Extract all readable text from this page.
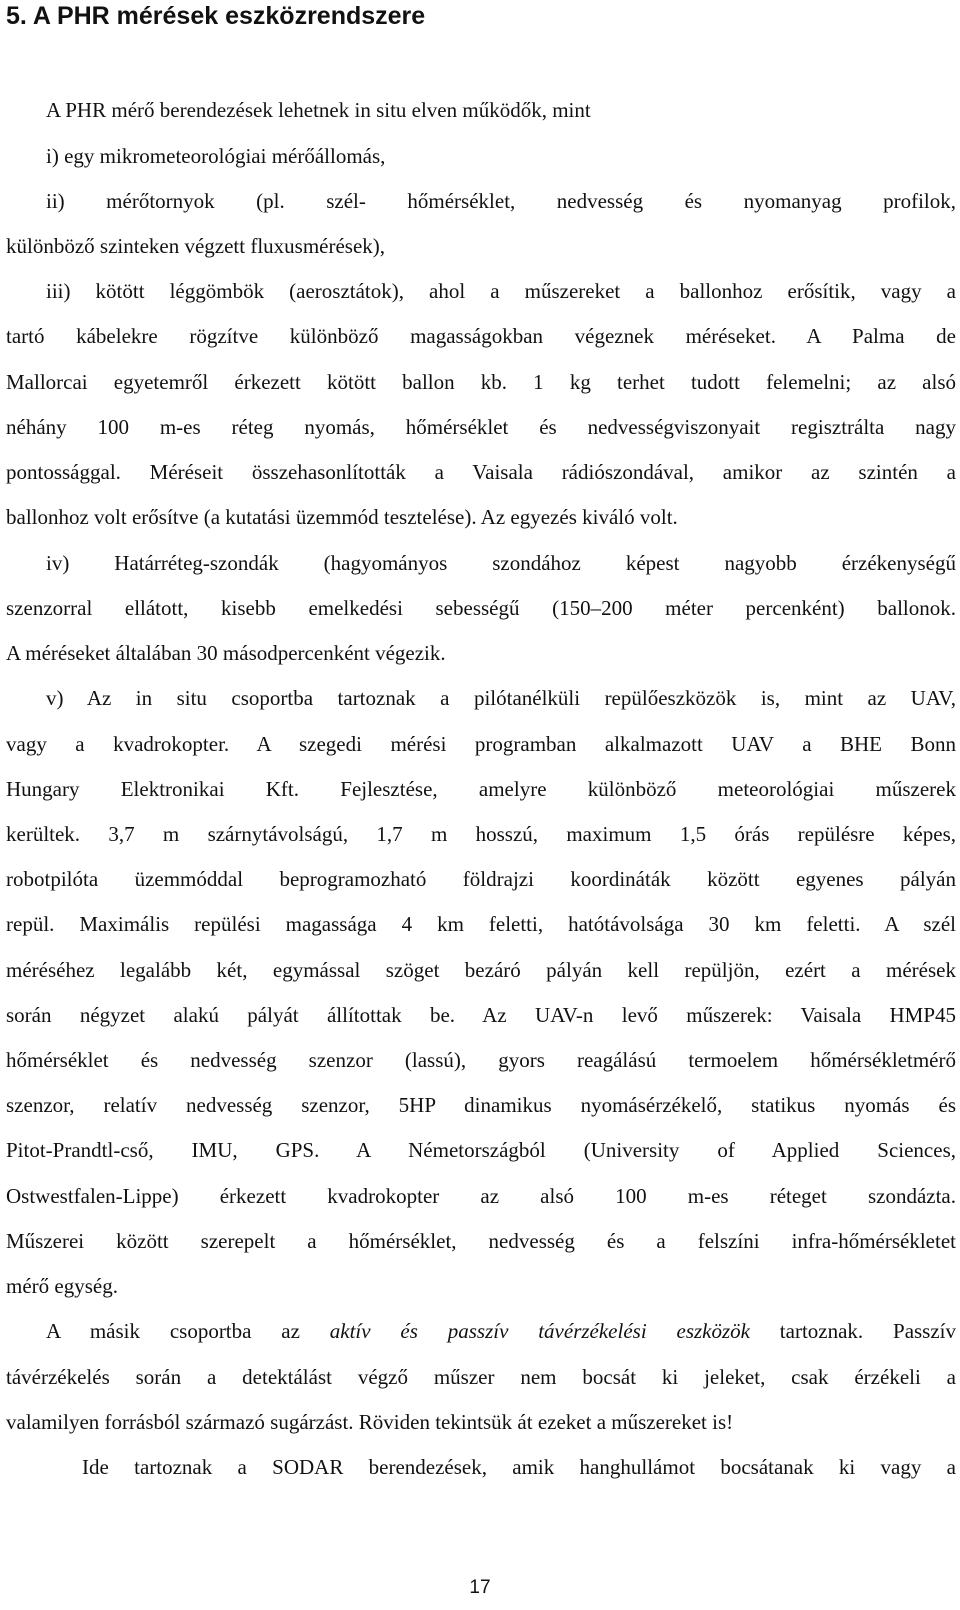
5. A PHR mérések eszközrendszere
A PHR mérő berendezések lehetnek in situ elven működők, mint
i) egy mikrometeorológiai mérőállomás,
ii) mérőtornyok (pl. szél- hőmérséklet, nedvesség és nyomanyag profilok,
különböző szinteken végzett fluxusmérések),
iii) kötött léggömbök (aerosztátok), ahol a műszereket a ballonhoz erősítik, vagy a
tartó kábelekre rögzítve különböző magasságokban végeznek méréseket. A Palma de
Mallorcai egyetemről érkezett kötött ballon kb. 1 kg terhet tudott felemelni; az alsó
néhány 100 m-es réteg nyomás, hőmérséklet és nedvességviszonyait regisztrálta nagy
pontossággal. Méréseit összehasonlították a Vaisala rádiószondával, amikor az szintén a
ballonhoz volt erősítve (a kutatási üzemmód tesztelése). Az egyezés kiváló volt.
iv) Határréteg-szondák (hagyományos szondához képest nagyobb érzékenységű
szenzorral ellátott, kisebb emelkedési sebességű (150–200 méter percenként) ballonok.
A méréseket általában 30 másodpercenként végezik.
v) Az in situ csoportba tartoznak a pilótanélküli repülőeszközök is, mint az UAV,
vagy a kvadrokopter. A szegedi mérési programban alkalmazott UAV a BHE Bonn
Hungary Elektronikai Kft. Fejlesztése, amelyre különböző meteorológiai műszerek
kerültek. 3,7 m szárnytávolságú, 1,7 m hosszú, maximum 1,5 órás repülésre képes,
robotpilóta üzemmóddal beprogramozható földrajzi koordináták között egyenes pályán
repül. Maximális repülési magassága 4 km feletti, hatótávolsága 30 km feletti. A szél
méréséhez legalább két, egymással szöget bezáró pályán kell repüljön, ezért a mérések
során négyzet alakú pályát állítottak be. Az UAV-n levő műszerek: Vaisala HMP45
hőmérséklet és nedvesség szenzor (lassú), gyors reagálású termoelem hőmérsékletmérő
szenzor, relatív nedvesség szenzor, 5HP dinamikus nyomásérzékelő, statikus nyomás és
Pitot-Prandtl-cső, IMU, GPS. A Németországból (University of Applied Sciences,
Ostwestfalen-Lippe) érkezett kvadrokopter az alsó 100 m-es réteget szondázta.
Műszerei között szerepelt a hőmérséklet, nedvesség és a felszíni infra-hőmérsékletet
mérő egység.
A másik csoportba az aktív és passzív távérzékelési eszközök tartoznak. Passzív
távérzékelés során a detektálást végző műszer nem bocsát ki jeleket, csak érzékeli a
valamilyen forrásból származó sugárzást. Röviden tekintsük át ezeket a műszereket is!
Ide tartoznak a SODAR berendezések, amik hanghullámot bocsátanak ki vagy a
17
